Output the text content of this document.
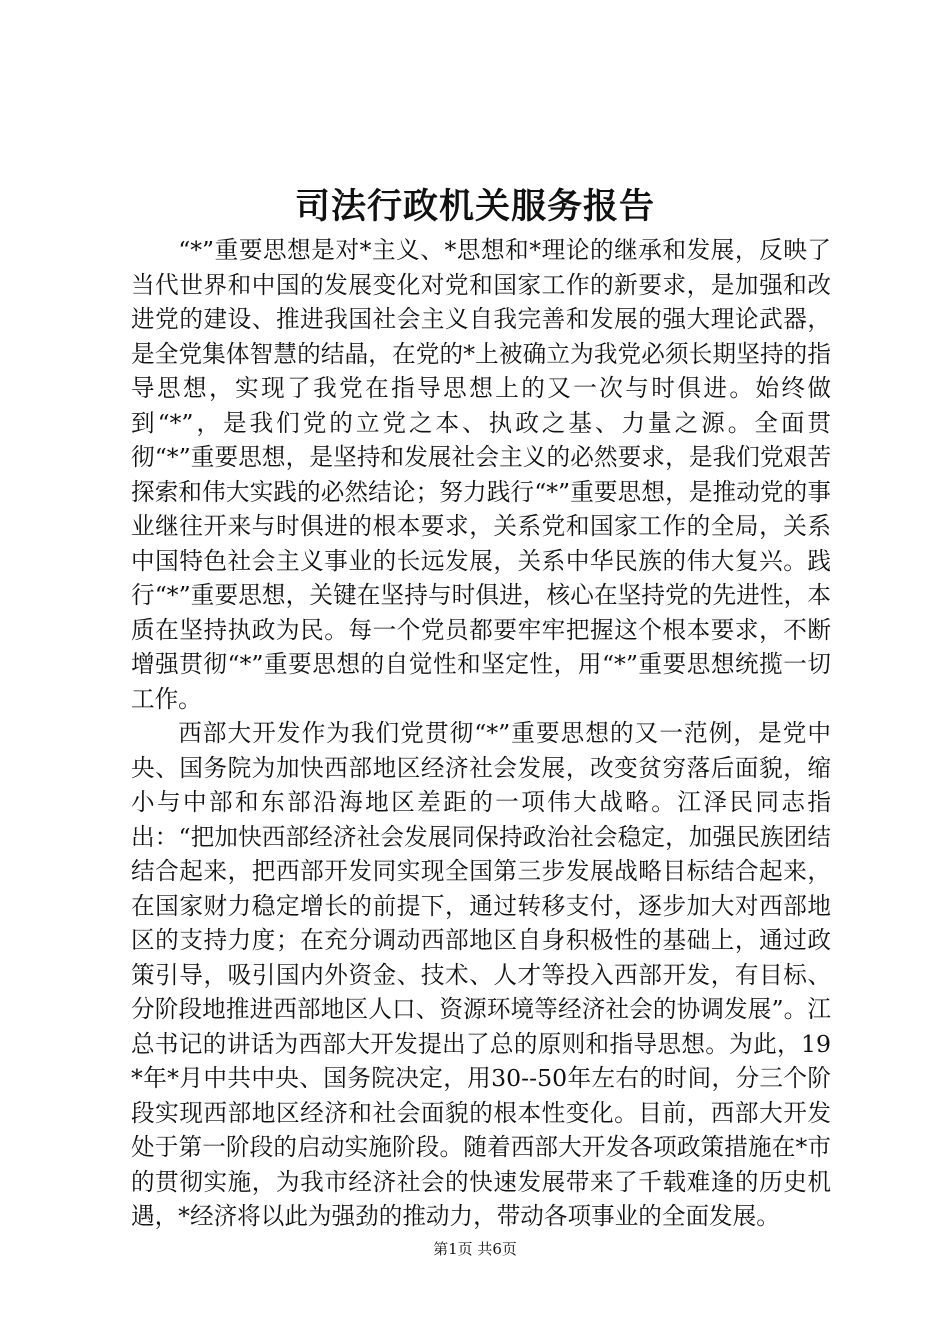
司法行政机关服务报告

“*”重要思想是对*主义、*思想和*理论的继承和发展，反映了当代世界和中国的发展变化对党和国家工作的新要求，是加强和改进党的建设、推进我国社会主义自我完善和发展的强大理论武器，是全党集体智慧的结晶，在党的*上被确立为我党必须长期坚持的指导思想，实现了我党在指导思想上的又一次与时俱进。始终做到“*”，是我们党的立党之本、执政之基、力量之源。全面贯彻“*”重要思想，是坚持和发展社会主义的必然要求，是我们党艰苦探索和伟大实践的必然结论；努力践行“*”重要思想，是推动党的事业继往开来与时俱进的根本要求，关系党和国家工作的全局，关系中国特色社会主义事业的长远发展，关系中华民族的伟大复兴。践行“*”重要思想，关键在坚持与时俱进，核心在坚持党的先进性，本质在坚持执政为民。每一个党员都要牢牢把握这个根本要求，不断增强贯彻“*”重要思想的自觉性和坚定性，用“*”重要思想统揽一切工作。

西部大开发作为我们党贯彻“*”重要思想的又一范例，是党中央、国务院为加快西部地区经济社会发展，改变贫穷落后面貌，缩小与中部和东部沿海地区差距的一项伟大战略。江泽民同志指出：“把加快西部经济社会发展同保持政治社会稳定，加强民族团结结合起来，把西部开发同实现全国第三步发展战略目标结合起来，在国家财力稳定增长的前提下，通过转移支付，逐步加大对西部地区的支持力度；在充分调动西部地区自身积极性的基础上，通过政策引导，吸引国内外资金、技术、人才等投入西部开发，有目标、分阶段地推进西部地区人口、资源环境等经济社会的协调发展”。江总书记的讲话为西部大开发提出了总的原则和指导思想。为此，19*年*月中共中央、国务院决定，用30--50年左右的时间，分三个阶段实现西部地区经济和社会面貌的根本性变化。目前，西部大开发处于第一阶段的启动实施阶段。随着西部大开发各项政策措施在*市的贯彻实施，为我市经济社会的快速发展带来了千载难逢的历史机遇，*经济将以此为强劲的推动力，带动各项事业的全面发展。

第1页 共6页
